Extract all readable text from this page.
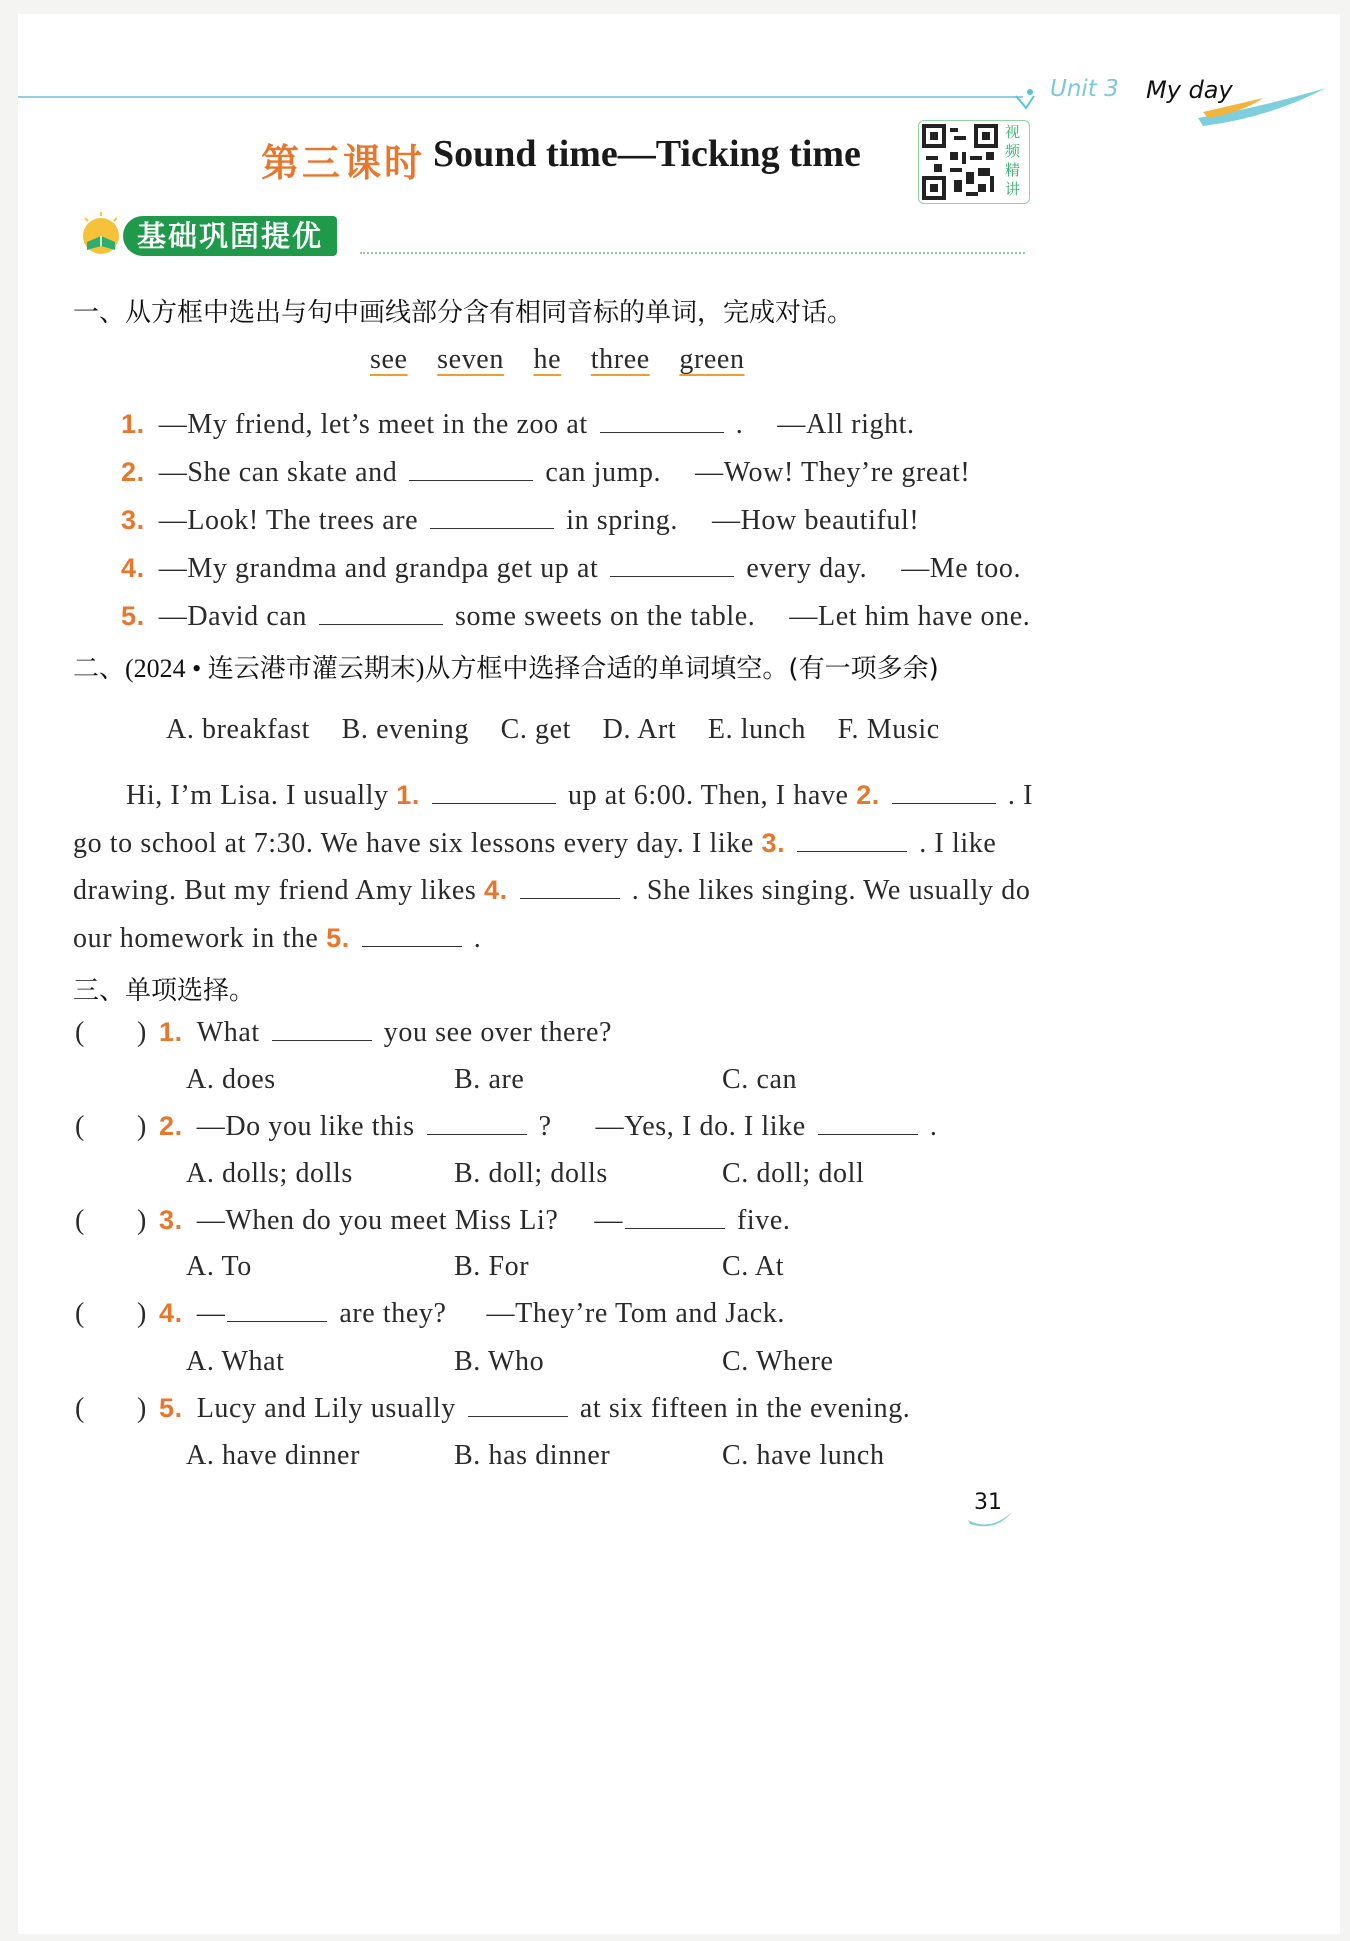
Unit 3 My day
第三课时 Sound time—Ticking time
视
频
精
讲
基础巩固提优
一、从方框中选出与句中画线部分含有相同音标的单词，完成对话。
see seven he three green
1. —My friend, let’s meet in the zoo at	. —All right.
2. —She can skate and	can jump. —Wow! They’re great!
3. —Look! The trees are	in spring. —How beautiful!
4. —My grandma and grandpa get up at	every day. —Me too.
5. —David can	some sweets on the table. —Let him have one.
二、(2024 • 连云港市灌云期末)从方框中选择合适的单词填空。(有一项多余)
A. breakfast B. evening C. get D. Art E. lunch F. Music
Hi, I’m Lisa. I usually 1.	up at 6:00. Then, I have 2.	. I
go to school at 7:30. We have six lessons every day. I like 3.	. I like
drawing. But my friend Amy likes 4.	. She likes singing. We usually do
our homework in the 5.	.
三、单项选择。
( ) 1. What	you see over there?
A. does	B. are	C. can
( ) 2. —Do you like this	? —Yes, I do. I like	.
A. dolls; dolls	B. doll; dolls	C. doll; doll
( ) 3. —When do you meet Miss Li? —	five.
A. To	B. For	C. At
( ) 4. —	are they? —They’re Tom and Jack.
A. What	B. Who	C. Where
( ) 5. Lucy and Lily usually	at six fifteen in the evening.
A. have dinner	B. has dinner	C. have lunch
31
